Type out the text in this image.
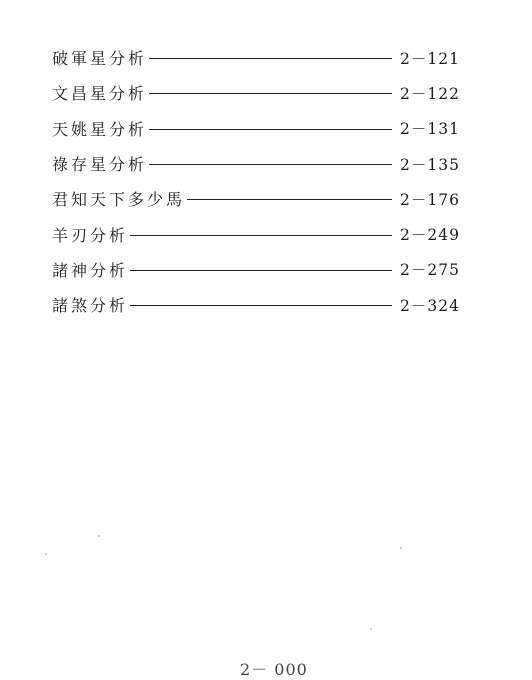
破軍星分析	2－121
文昌星分析	2－122
天姚星分析	2－131
祿存星分析	2－135
君知天下多少馬	2－176
羊刃分析	2－249
諸神分析	2－275
諸煞分析	2－324
2－ 000
